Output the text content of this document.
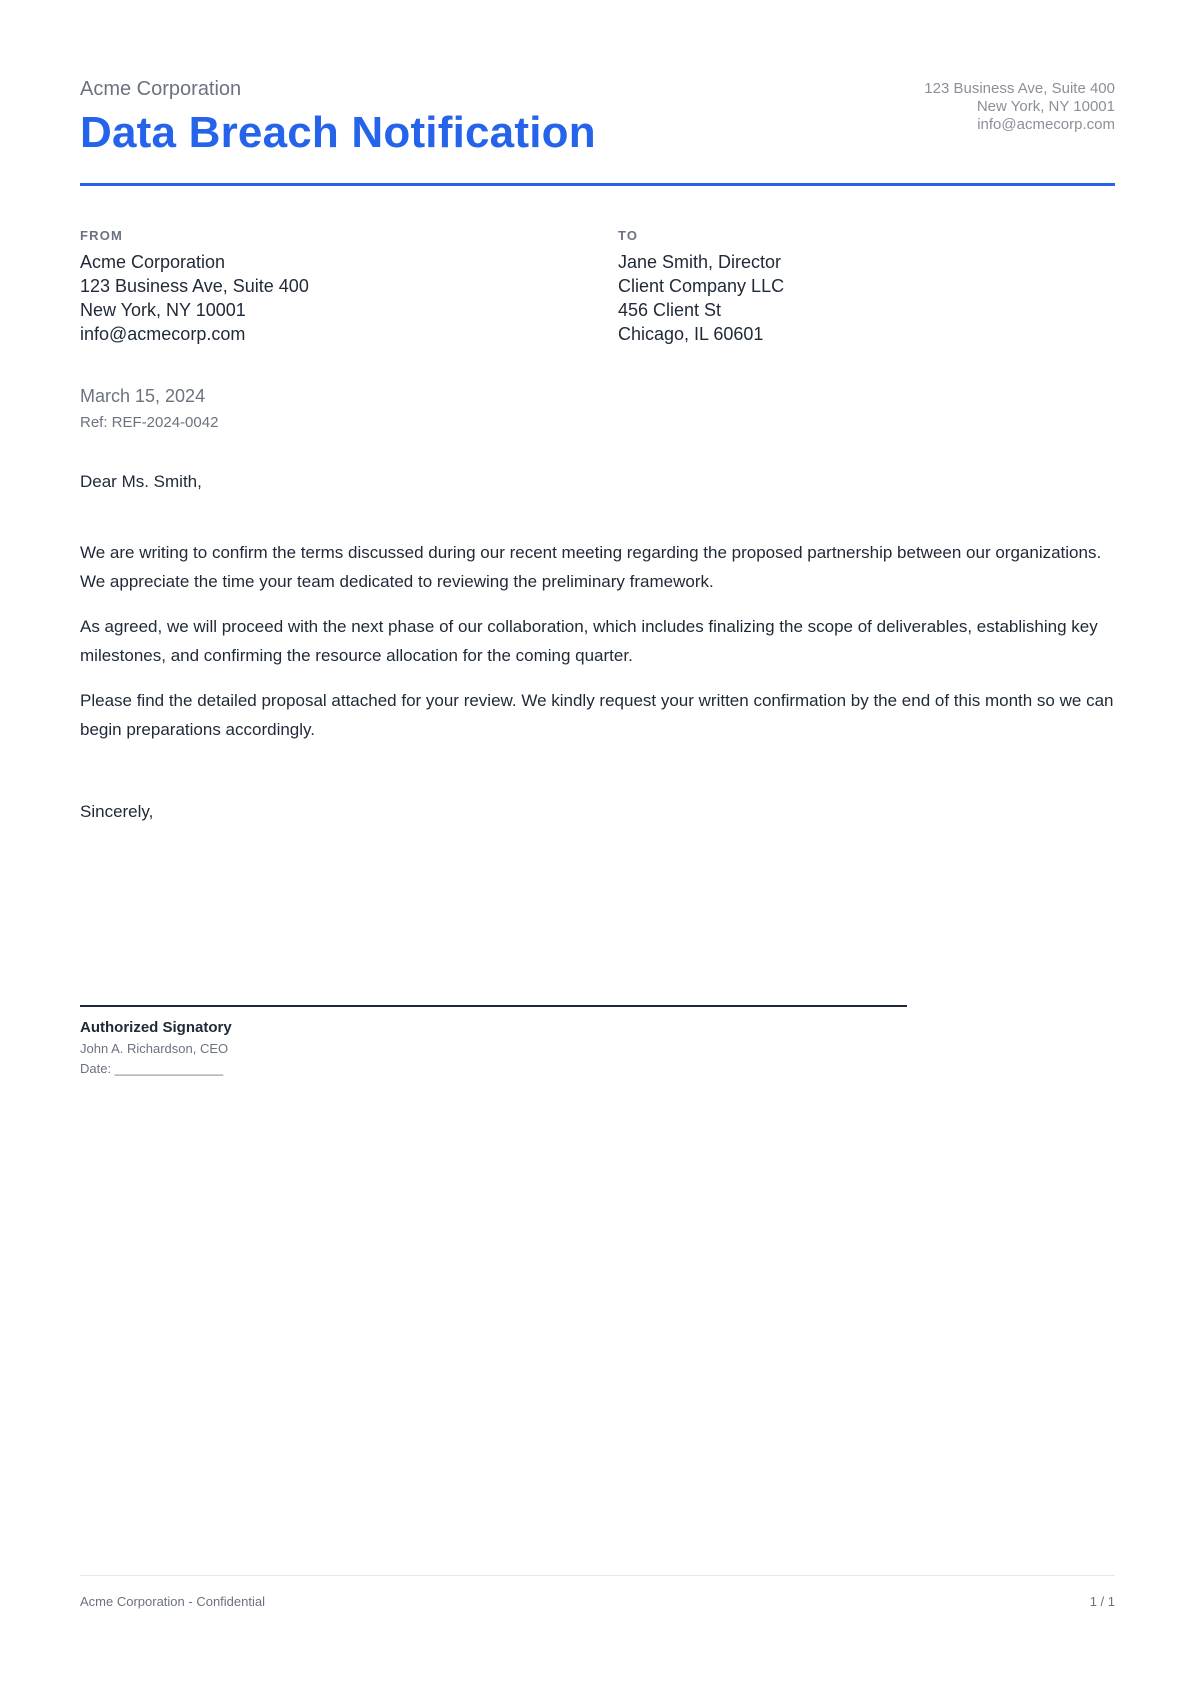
Acme Corporation
Data Breach Notification
123 Business Ave, Suite 400
New York, NY 10001
info@acmecorp.com
FROM
Acme Corporation
123 Business Ave, Suite 400
New York, NY 10001
info@acmecorp.com
TO
Jane Smith, Director
Client Company LLC
456 Client St
Chicago, IL 60601
March 15, 2024
Ref: REF-2024-0042
Dear Ms. Smith,

We are writing to confirm the terms discussed during our recent meeting regarding the proposed partnership between our organizations. We appreciate the time your team dedicated to reviewing the preliminary framework.

As agreed, we will proceed with the next phase of our collaboration, which includes finalizing the scope of deliverables, establishing key milestones, and confirming the resource allocation for the coming quarter.

Please find the detailed proposal attached for your review. We kindly request your written confirmation by the end of this month so we can begin preparations accordingly.

Sincerely,
Authorized Signatory
John A. Richardson, CEO
Date: _______________
Acme Corporation - Confidential	1 / 1
